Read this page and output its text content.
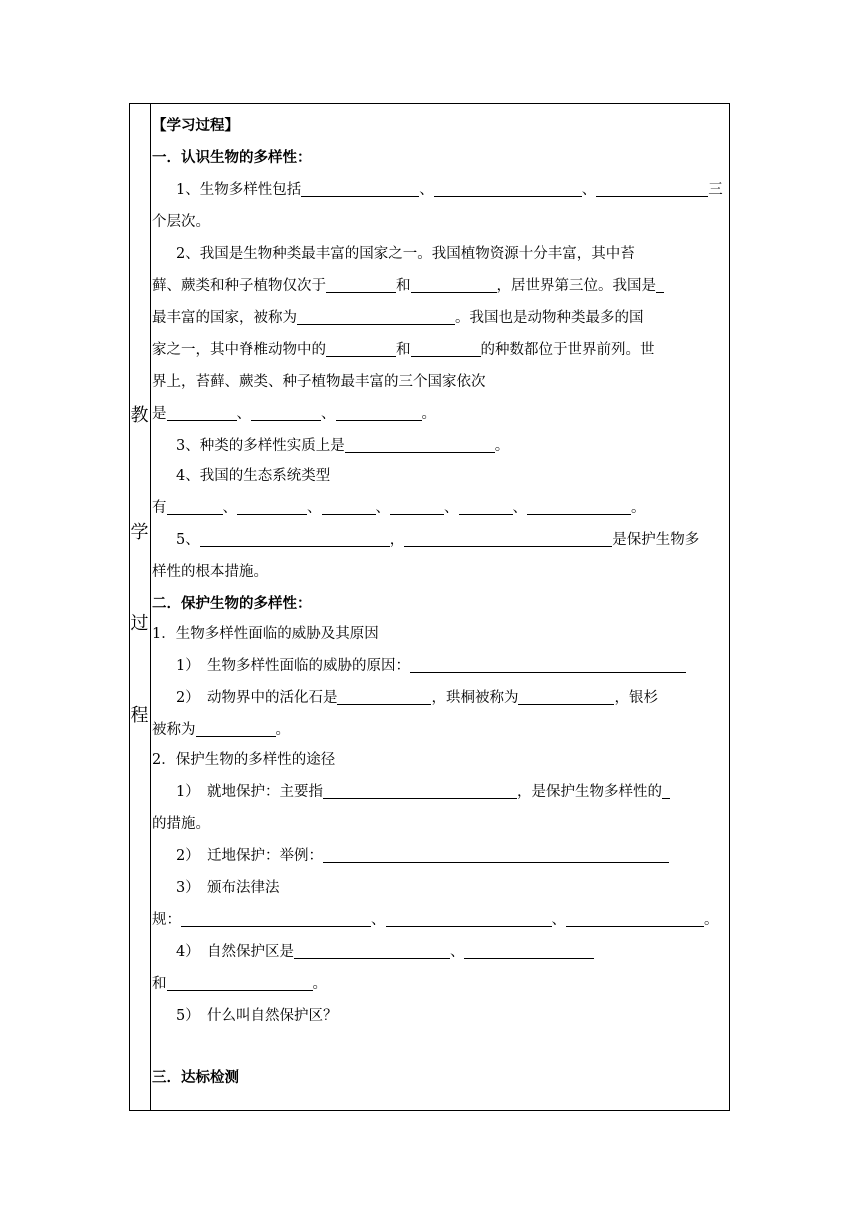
教
学
过
程
【学习过程】
一．认识生物的多样性：
1、生物多样性包括	、	、	三
个层次。
2、我国是生物种类最丰富的国家之一。我国植物资源十分丰富，其中苔
藓、蕨类和种子植物仅次于	和	，居世界第三位。我国是
最丰富的国家，被称为	。我国也是动物种类最多的国
家之一，其中脊椎动物中的	和	的种数都位于世界前列。世
界上，苔藓、蕨类、种子植物最丰富的三个国家依次
是	、	、	。
3、种类的多样性实质上是	。
4、我国的生态系统类型
有	、	、	、	、	、	。
5、	，	是保护生物多
样性的根本措施。
二．保护生物的多样性：
1．生物多样性面临的威胁及其原因
1）　生物多样性面临的威胁的原因：
2）　动物界中的活化石是	，珙桐被称为	，银杉
被称为	。
2．保护生物的多样性的途径
1）　就地保护：主要指	，是保护生物多样性的
的措施。
2）　迁地保护：举例：
3）　颁布法律法
规：	、	、	。
4）　自然保护区是	、
和	。
5）　什么叫自然保护区？
三．达标检测
